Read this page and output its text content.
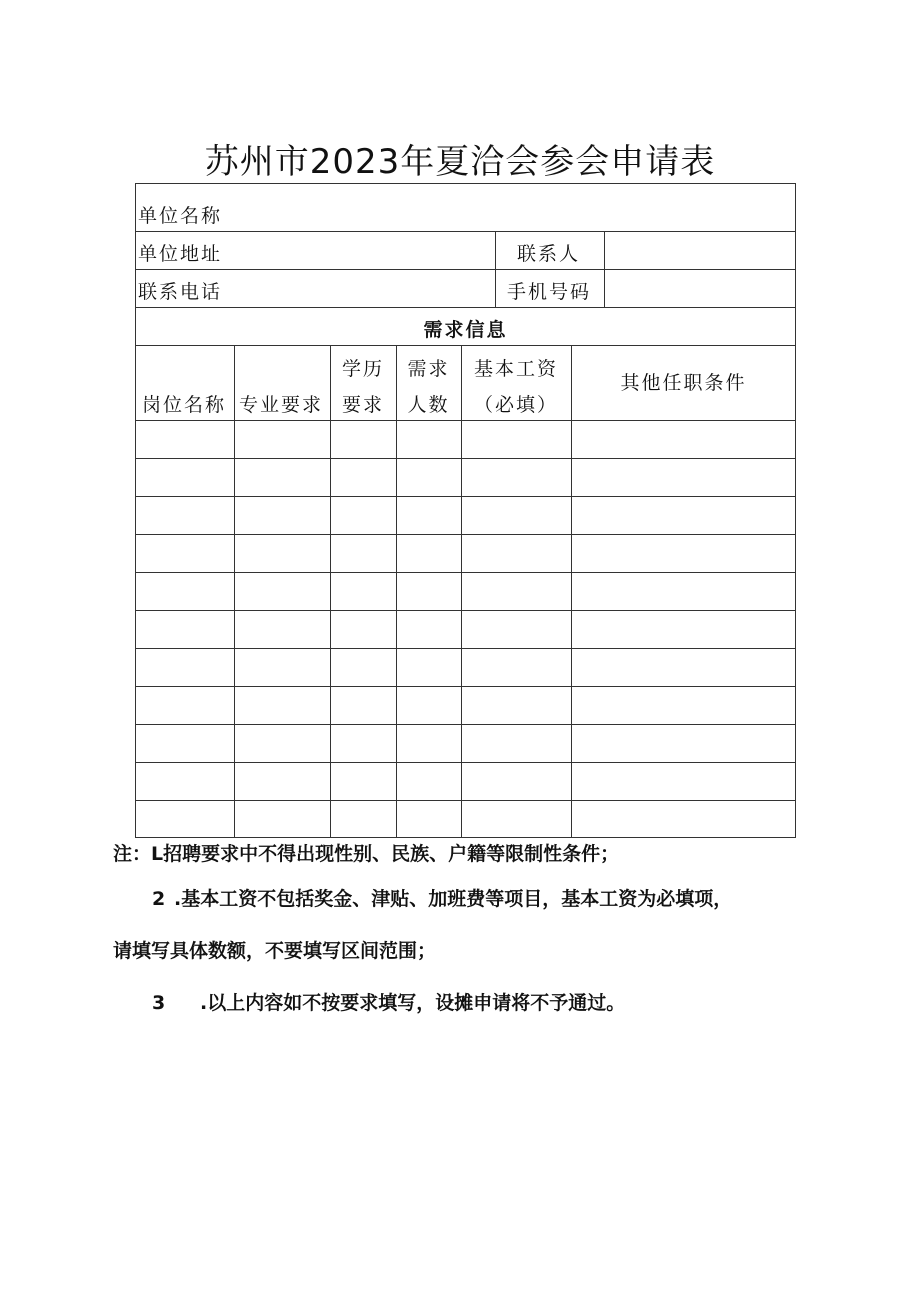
苏州市2023年夏洽会参会申请表
单位名称
单位地址	联系人
联系电话	手机号码
需求信息
岗位名称 专业要求
学历
要求
需求
人数
基本工资
（必填）
其他任职条件
注：L招聘要求中不得出现性别、民族、户籍等限制性条件；
2 .基本工资不包括奖金、津贴、加班费等项目，基本工资为必填项，
请填写具体数额，不要填写区间范围；
3 .以上内容如不按要求填写，设摊申请将不予通过。
